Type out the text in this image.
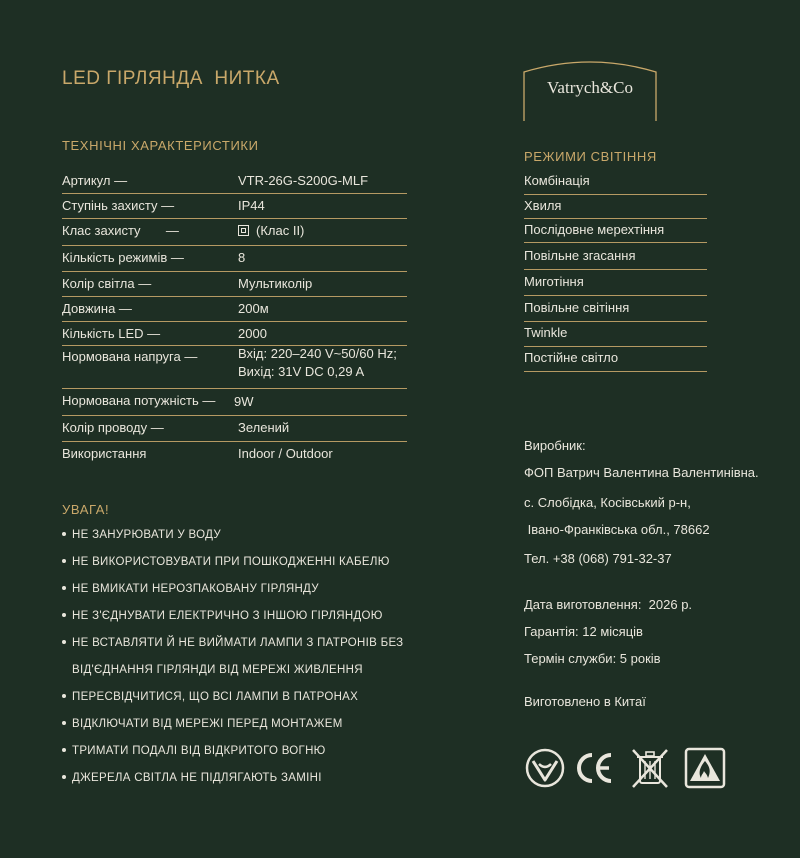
LED ГІРЛЯНДА  НИТКА	Vatrych&Co
ТЕХНІЧНІ ХАРАКТЕРИСТИКИ
Артикул —	VTR-26G-S200G-MLF
Ступінь захисту —	IP44
Клас захисту       —	(Клас ІІ)
Кількість режимів —	8
Колір світла —	Мультиколір
Довжина —	200м
Кількість LED —	2000
Нормована напруга —	Вхід: 220–240 V~50/60 Hz;
Вихід: 31V DC 0,29 A
Нормована потужність — 9W
Колір проводу —	Зелений
Використання	Indoor / Outdoor
РЕЖИМИ СВІТІННЯ
Комбінація
Хвиля
Послідовне мерехтіння
Повільне згасання
Миготіння
Повільне світіння
Twinkle
Постійне світло
УВАГА!
НЕ ЗАНУРЮВАТИ У ВОДУ
НЕ ВИКОРИСТОВУВАТИ ПРИ ПОШКОДЖЕННІ КАБЕЛЮ
НЕ ВМИКАТИ НЕРОЗПАКОВАНУ ГІРЛЯНДУ
НЕ З'ЄДНУВАТИ ЕЛЕКТРИЧНО З ІНШОЮ ГІРЛЯНДОЮ
НЕ ВСТАВЛЯТИ Й НЕ ВИЙМАТИ ЛАМПИ З ПАТРОНІВ БЕЗ
ВІД'ЄДНАННЯ ГІРЛЯНДИ ВІД МЕРЕЖІ ЖИВЛЕННЯ
ПЕРЕСВІДЧИТИСЯ, ЩО ВСІ ЛАМПИ В ПАТРОНАХ
ВІДКЛЮЧАТИ ВІД МЕРЕЖІ ПЕРЕД МОНТАЖЕМ
ТРИМАТИ ПОДАЛІ ВІД ВІДКРИТОГО ВОГНЮ
ДЖЕРЕЛА СВІТЛА НЕ ПІДЛЯГАЮТЬ ЗАМІНІ
Виробник:
ФОП Ватрич Валентина Валентинівна.
с. Слобідка, Косівський р-н,
Івано-Франківська обл., 78662
Тел. +38 (068) 791-32-37
Дата виготовлення:  2026 р.
Гарантія: 12 місяців
Термін служби: 5 років
Виготовлено в Китаї
